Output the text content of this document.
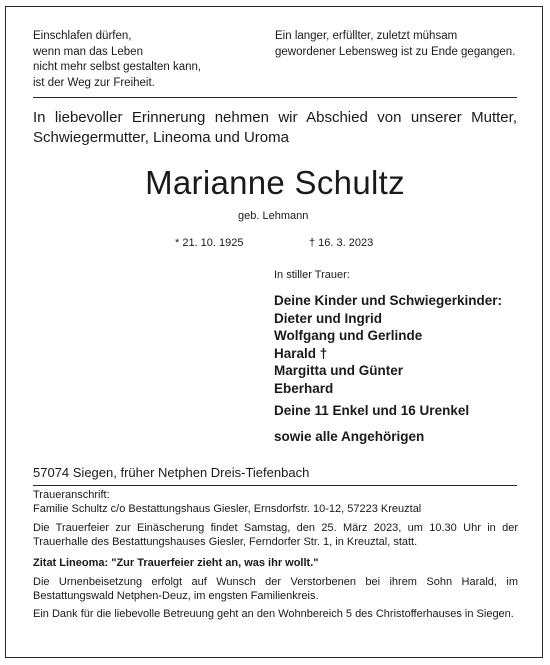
Einschlafen dürfen,
wenn man das Leben
nicht mehr selbst gestalten kann,
ist der Weg zur Freiheit.
Ein langer, erfüllter, zuletzt mühsam
gewordener Lebensweg ist zu Ende gegangen.
In liebevoller Erinnerung nehmen wir Abschied von unserer Mutter, Schwiegermutter, Lineoma und Uroma
Marianne Schultz
geb. Lehmann
* 21. 10. 1925	† 16. 3. 2023
In stiller Trauer:
Deine Kinder und Schwiegerkinder:
Dieter und Ingrid
Wolfgang und Gerlinde
Harald †
Margitta und Günter
Eberhard
Deine 11 Enkel und 16 Urenkel
sowie alle Angehörigen
57074 Siegen, früher Netphen Dreis-Tiefenbach
Traueranschrift:
Familie Schultz c/o Bestattungshaus Giesler, Ernsdorfstr. 10-12, 57223 Kreuztal
Die Trauerfeier zur Einäscherung findet Samstag, den 25. März 2023, um 10.30 Uhr in der Trauerhalle des Bestattungshauses Giesler, Ferndorfer Str. 1, in Kreuztal, statt.
Zitat Lineoma: "Zur Trauerfeier zieht an, was ihr wollt."
Die Urnenbeisetzung erfolgt auf Wunsch der Verstorbenen bei ihrem Sohn Harald, im Bestattungswald Netphen-Deuz, im engsten Familienkreis.
Ein Dank für die liebevolle Betreuung geht an den Wohnbereich 5 des Christofferhauses in Siegen.
